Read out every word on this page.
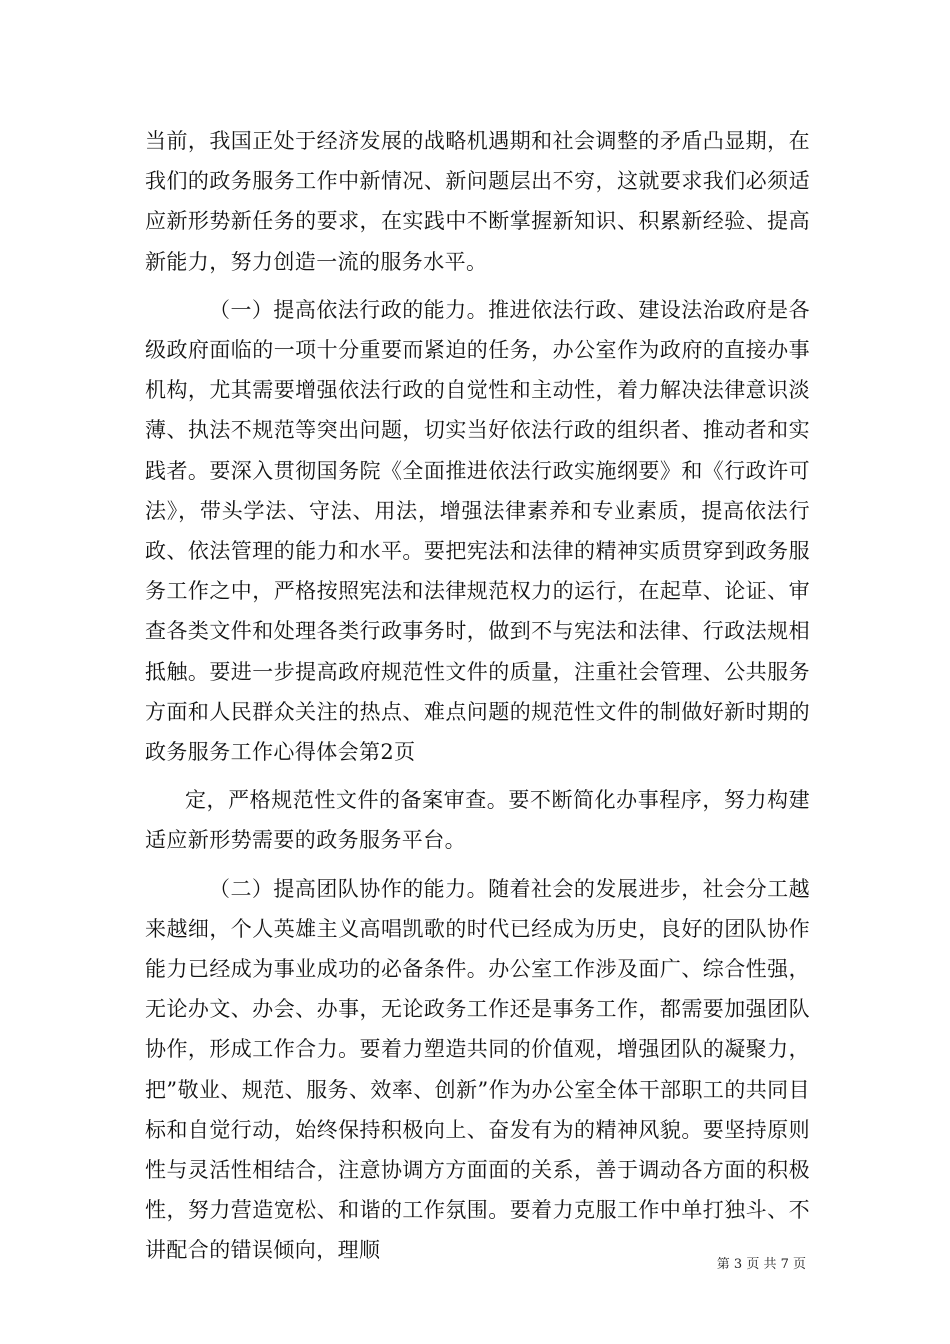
当前，我国正处于经济发展的战略机遇期和社会调整的矛盾凸显期，在我们的政务服务工作中新情况、新问题层出不穷，这就要求我们必须适应新形势新任务的要求，在实践中不断掌握新知识、积累新经验、提高新能力，努力创造一流的服务水平。

（一）提高依法行政的能力。推进依法行政、建设法治政府是各级政府面临的一项十分重要而紧迫的任务，办公室作为政府的直接办事机构，尤其需要增强依法行政的自觉性和主动性，着力解决法律意识淡薄、执法不规范等突出问题，切实当好依法行政的组织者、推动者和实践者。要深入贯彻国务院《全面推进依法行政实施纲要》和《行政许可法》，带头学法、守法、用法，增强法律素养和专业素质，提高依法行政、依法管理的能力和水平。要把宪法和法律的精神实质贯穿到政务服务工作之中，严格按照宪法和法律规范权力的运行，在起草、论证、审查各类文件和处理各类行政事务时，做到不与宪法和法律、行政法规相抵触。要进一步提高政府规范性文件的质量，注重社会管理、公共服务方面和人民群众关注的热点、难点问题的规范性文件的制做好新时期的政务服务工作心得体会第2页

定，严格规范性文件的备案审查。要不断简化办事程序，努力构建适应新形势需要的政务服务平台。

（二）提高团队协作的能力。随着社会的发展进步，社会分工越来越细，个人英雄主义高唱凯歌的时代已经成为历史，良好的团队协作能力已经成为事业成功的必备条件。办公室工作涉及面广、综合性强，无论办文、办会、办事，无论政务工作还是事务工作，都需要加强团队协作，形成工作合力。要着力塑造共同的价值观，增强团队的凝聚力，把”敬业、规范、服务、效率、创新”作为办公室全体干部职工的共同目标和自觉行动，始终保持积极向上、奋发有为的精神风貌。要坚持原则性与灵活性相结合，注意协调方方面面的关系，善于调动各方面的积极性，努力营造宽松、和谐的工作氛围。要着力克服工作中单打独斗、不讲配合的错误倾向，理顺

第 3 页 共 7 页
